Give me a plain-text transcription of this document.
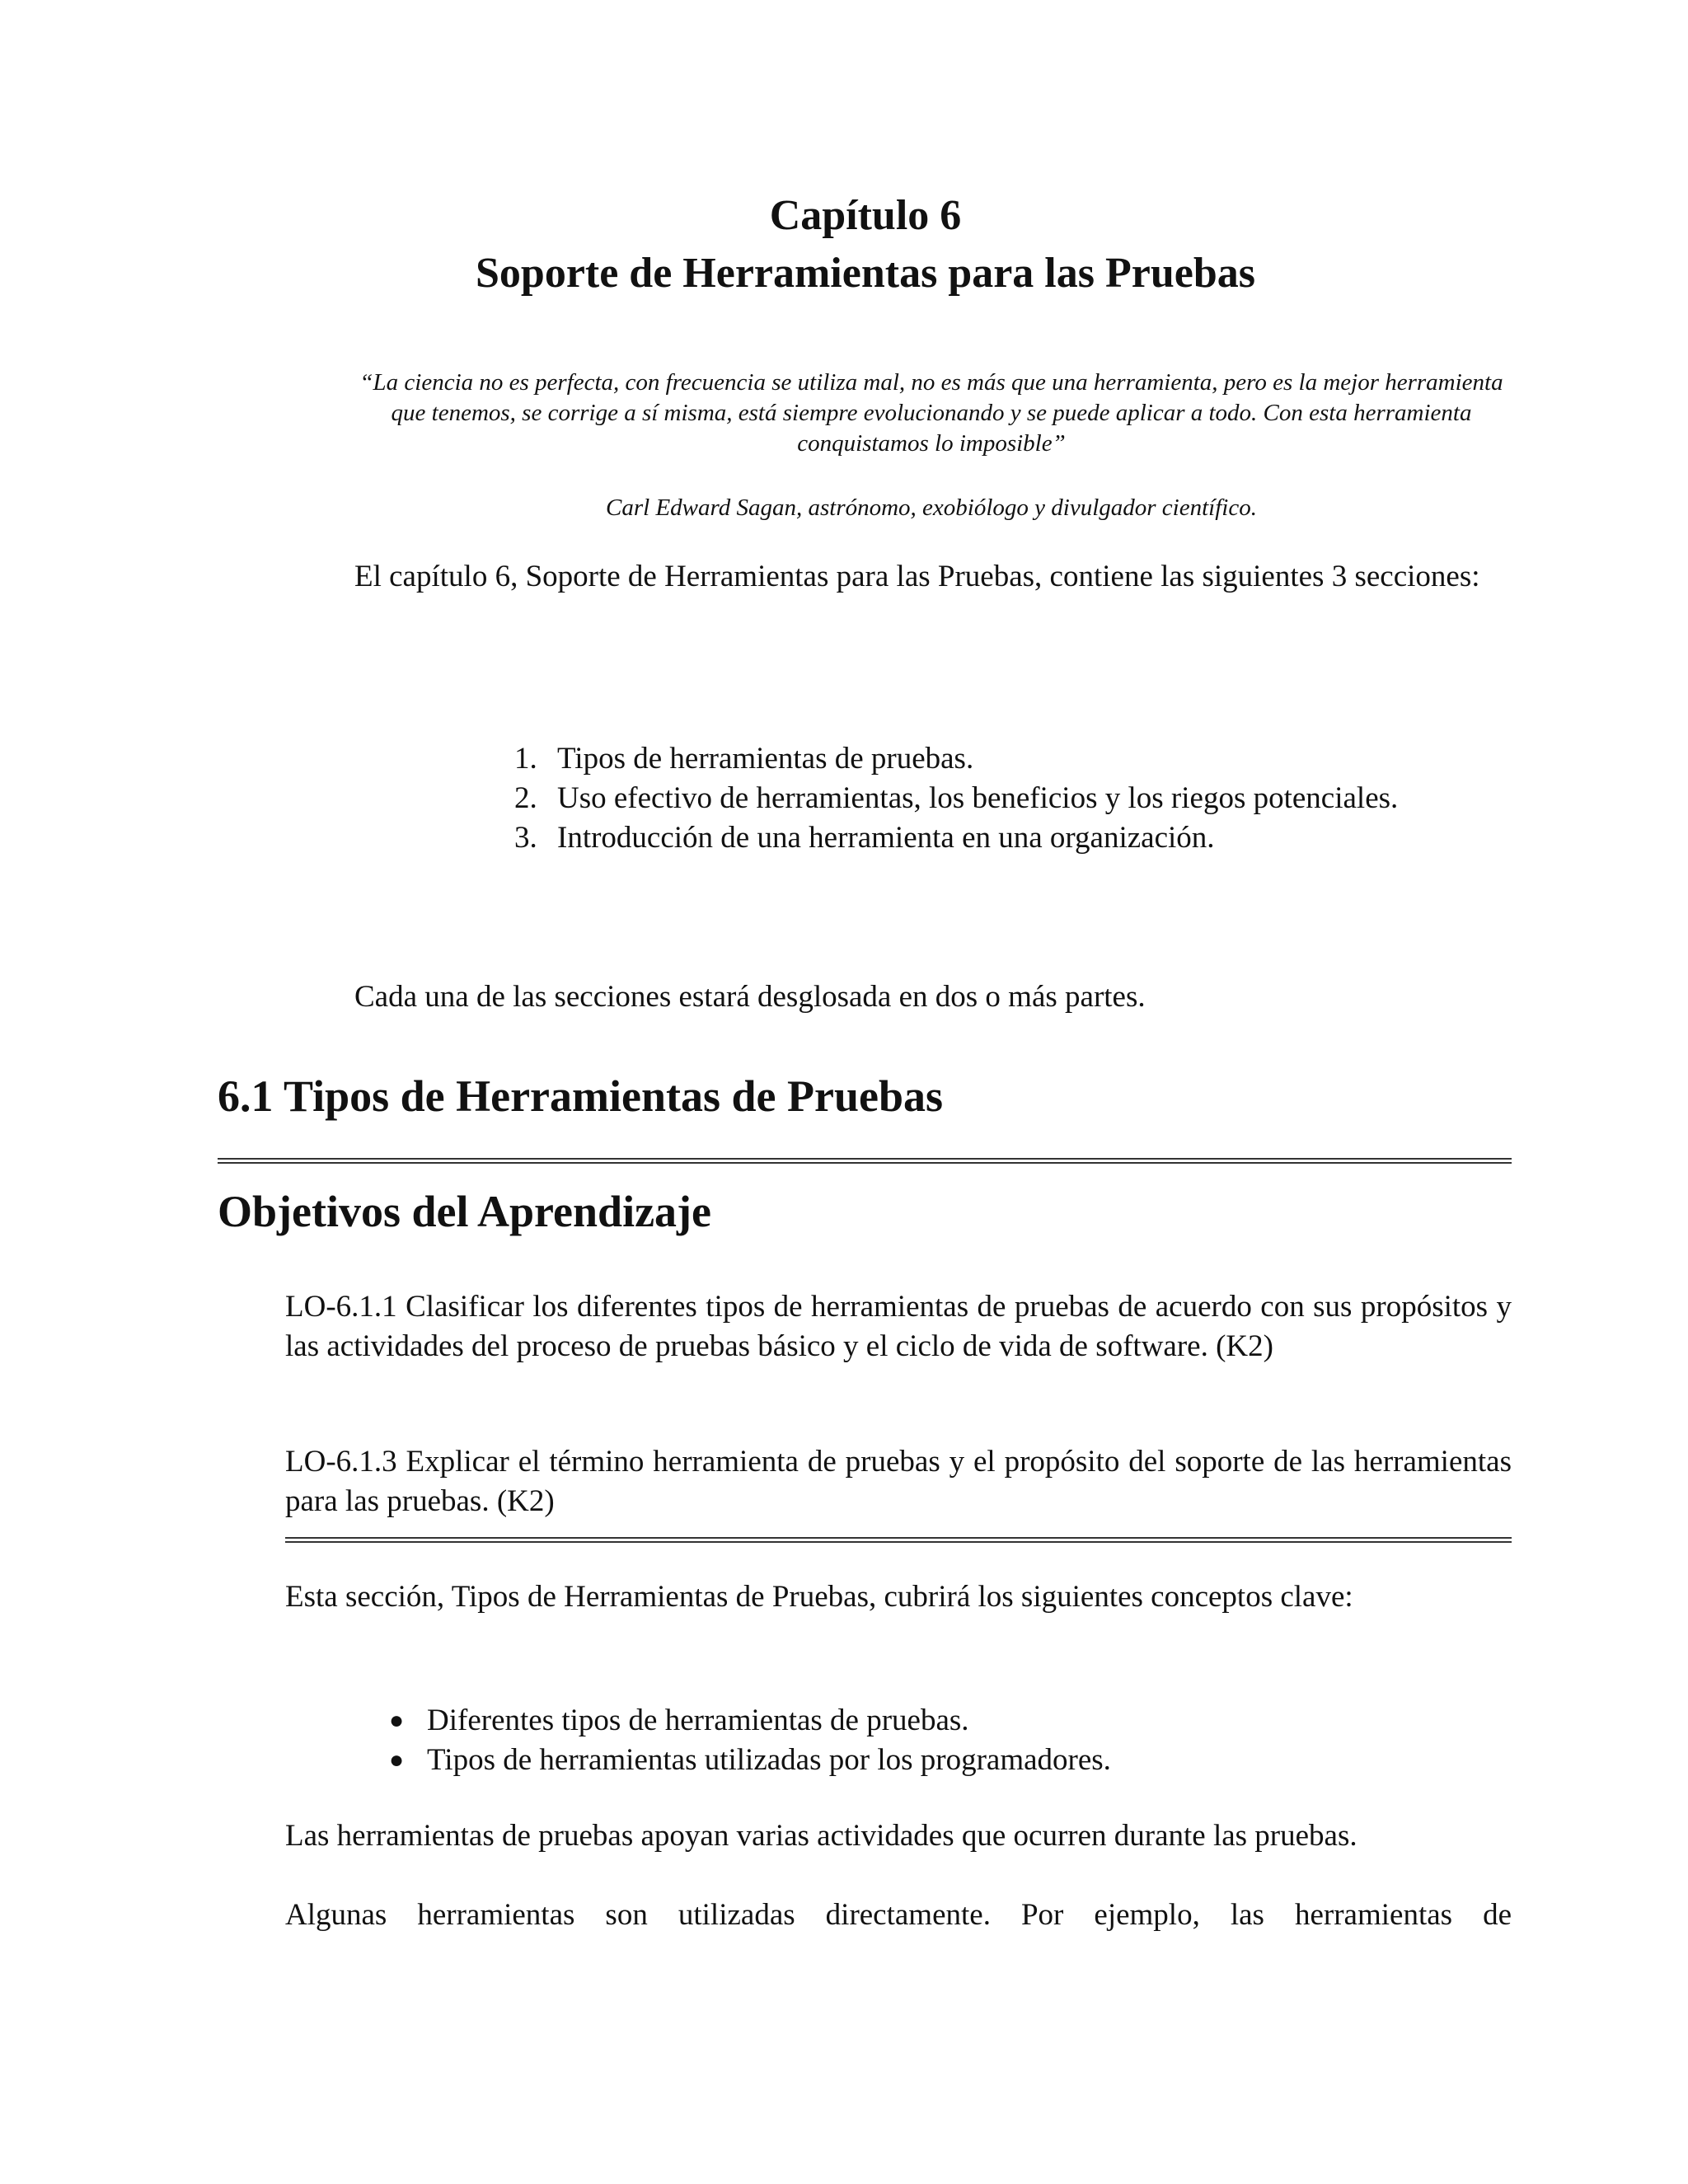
Capítulo 6
Soporte de Herramientas para las Pruebas
“La ciencia no es perfecta, con frecuencia se utiliza mal, no es más que una herramienta, pero es la mejor herramienta que tenemos, se corrige a sí misma, está siempre evolucionando y se puede aplicar a todo. Con esta herramienta conquistamos lo imposible”
Carl Edward Sagan, astrónomo, exobiólogo y divulgador científico.

El capítulo 6, Soporte de Herramientas para las Pruebas, contiene las siguientes 3 secciones:

1. Tipos de herramientas de pruebas.
2. Uso efectivo de herramientas, los beneficios y los riegos potenciales.
3. Introducción de una herramienta en una organización.

Cada una de las secciones estará desglosada en dos o más partes.

6.1 Tipos de Herramientas de Pruebas
Objetivos del Aprendizaje

LO-6.1.1 Clasificar los diferentes tipos de herramientas de pruebas de acuerdo con sus propósitos y las actividades del proceso de pruebas básico y el ciclo de vida de software. (K2)

LO-6.1.3 Explicar el término herramienta de pruebas y el propósito del soporte de las herramientas para las pruebas. (K2)

Esta sección, Tipos de Herramientas de Pruebas, cubrirá los siguientes conceptos clave:

● Diferentes tipos de herramientas de pruebas.
● Tipos de herramientas utilizadas por los programadores.

Las herramientas de pruebas apoyan varias actividades que ocurren durante las pruebas.

Algunas herramientas son utilizadas directamente. Por ejemplo, las herramientas de
